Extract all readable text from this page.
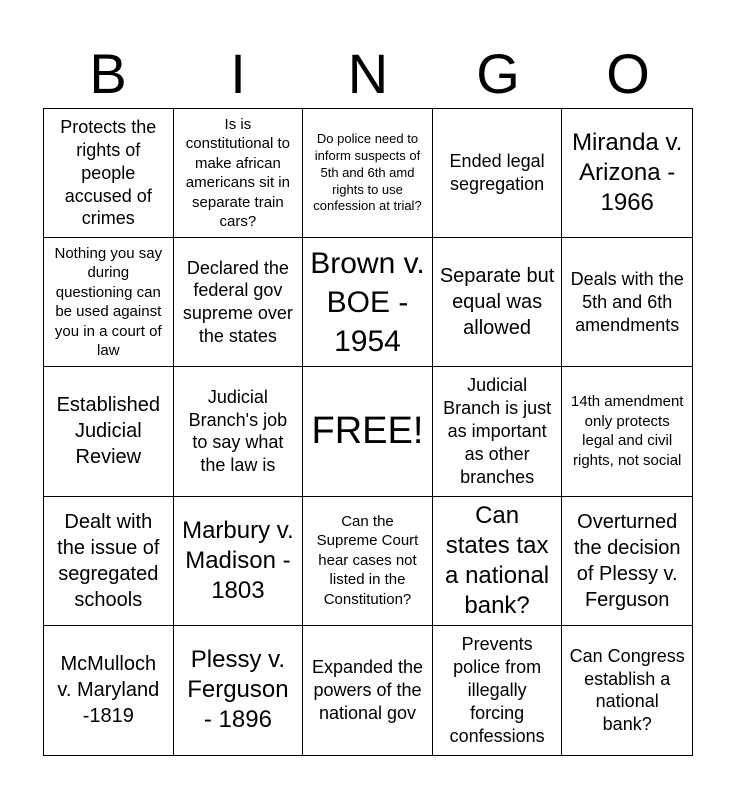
B	I	N	G	O
Protects the rights of people accused of crimes
Is is constitutional to make african americans sit in separate train cars?
Do police need to inform suspects of 5th and 6th amd rights to use confession at trial?
Ended legal segregation
Miranda v. Arizona - 1966
Nothing you say during questioning can be used against you in a court of law
Declared the federal gov supreme over the states
Brown v. BOE - 1954
Separate but equal was allowed
Deals with the 5th and 6th amendments
Established Judicial Review
Judicial Branch's job to say what the law is
FREE!
Judicial Branch is just as important as other branches
14th amendment only protects legal and civil rights, not social
Dealt with the issue of segregated schools
Marbury v. Madison - 1803
Can the Supreme Court hear cases not listed in the Constitution?
Can states tax a national bank?
Overturned the decision of Plessy v. Ferguson
McMulloch v. Maryland -1819
Plessy v. Ferguson - 1896
Expanded the powers of the national gov
Prevents police from illegally forcing confessions
Can Congress establish a national bank?
